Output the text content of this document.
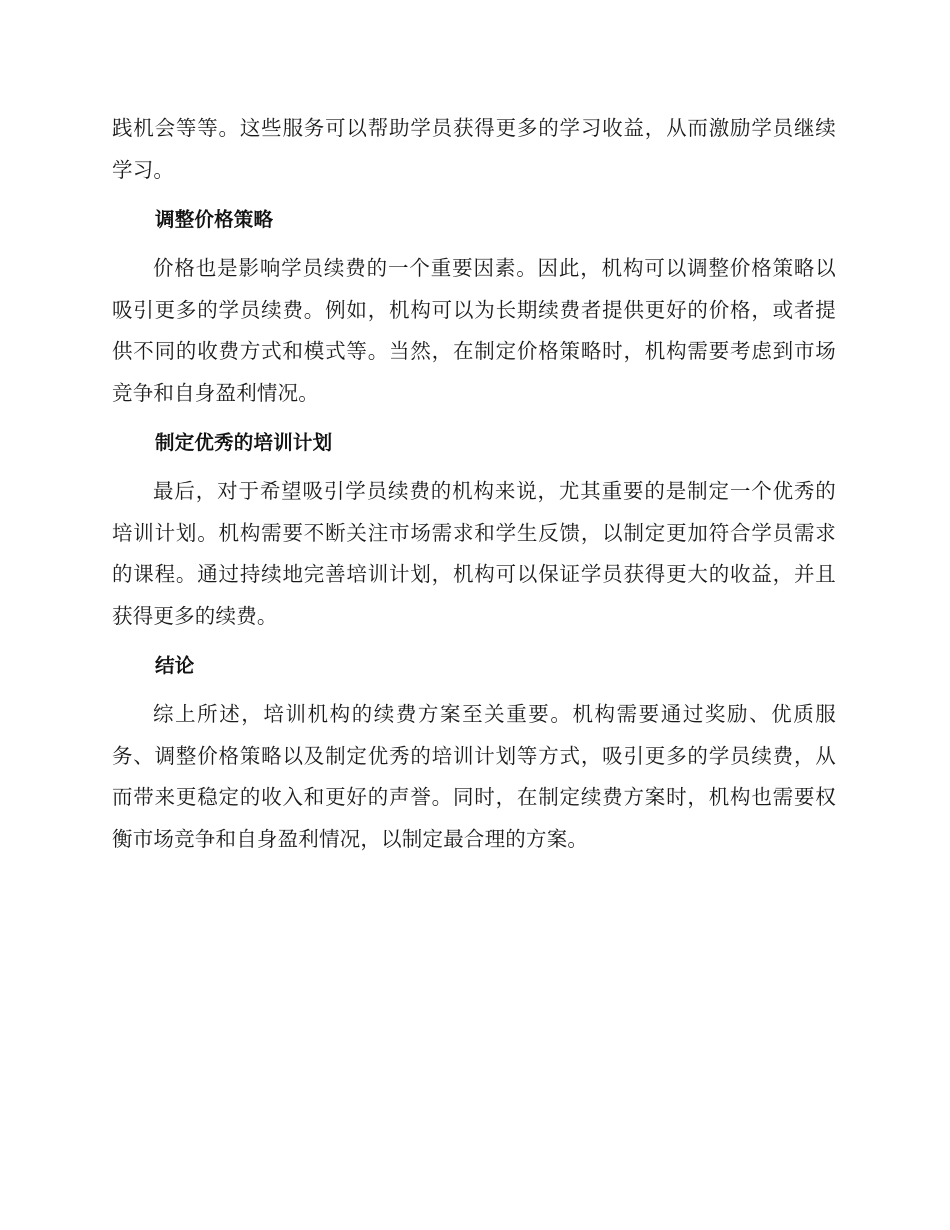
践机会等等。这些服务可以帮助学员获得更多的学习收益，从而激励学员继续学习。

调整价格策略

价格也是影响学员续费的一个重要因素。因此，机构可以调整价格策略以吸引更多的学员续费。例如，机构可以为长期续费者提供更好的价格，或者提供不同的收费方式和模式等。当然，在制定价格策略时，机构需要考虑到市场竞争和自身盈利情况。

制定优秀的培训计划

最后，对于希望吸引学员续费的机构来说，尤其重要的是制定一个优秀的培训计划。机构需要不断关注市场需求和学生反馈，以制定更加符合学员需求的课程。通过持续地完善培训计划，机构可以保证学员获得更大的收益，并且获得更多的续费。

结论

综上所述，培训机构的续费方案至关重要。机构需要通过奖励、优质服务、调整价格策略以及制定优秀的培训计划等方式，吸引更多的学员续费，从而带来更稳定的收入和更好的声誉。同时，在制定续费方案时，机构也需要权衡市场竞争和自身盈利情况，以制定最合理的方案。
